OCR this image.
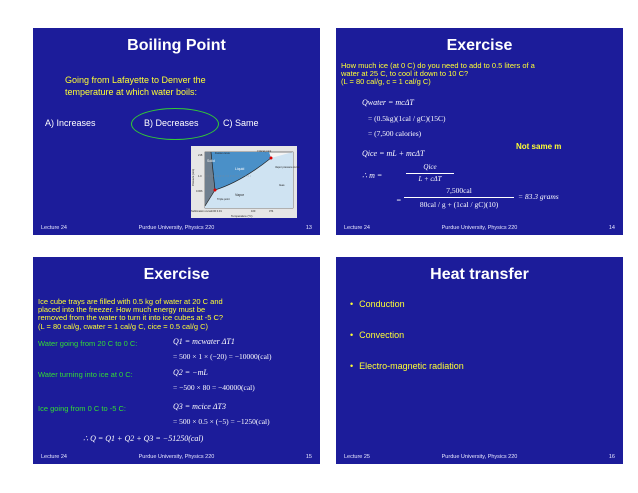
Boiling Point
Going from Lafayette to Denver the
temperature at which water boils:
A) Increases	B) Decreases	C) Same
Solid
Liquid
Vapor
Fusion curve
Critical point
Vapor pressure curve
Triple point
Sublimation curve
Gas
Temperature (°C)
Pressure (atm)
218
1.0
0.006
0.00 0.01	100	374
Lecture 24	Purdue University, Physics 220	13
Exercise
How much ice (at 0 C) do you need to add to 0.5 liters of a
water at 25 C, to cool it down to 10 C?
(L = 80 cal/g, c = 1 cal/g C)
Qwater = mcΔT
= (0.5kg)(1cal / gC)(15C)
= (7,500 calories)
Not same m
Qice = mL + mcΔT
∴ m =
Qice
L + cΔT
=
7,500cal
80cal / g + (1cal / gC)(10)
= 83.3 grams
Lecture 24	Purdue University, Physics 220	14
Exercise
Ice cube trays are filled with 0.5 kg of water at 20 C and
placed into the freezer. How much energy must be
removed from the water to turn it into ice cubes at -5 C?
(L = 80 cal/g, cwater = 1 cal/g C, cice = 0.5 cal/g C)
Water going from 20 C to 0 C:	Q1 = mcwater ΔT1
= 500 × 1 × (−20) = −10000(cal)
Water turning into ice at 0 C:	Q2 = −mL
= −500 × 80 = −40000(cal)
Ice going from 0 C to -5 C:	Q3 = mcice ΔT3
= 500 × 0.5 × (−5) = −1250(cal)
∴ Q = Q1 + Q2 + Q3 = −51250(cal)
Lecture 24	Purdue University, Physics 220	15
Heat transfer
• Conduction
• Convection
• Electro-magnetic radiation
Lecture 25	Purdue University, Physics 220	16
